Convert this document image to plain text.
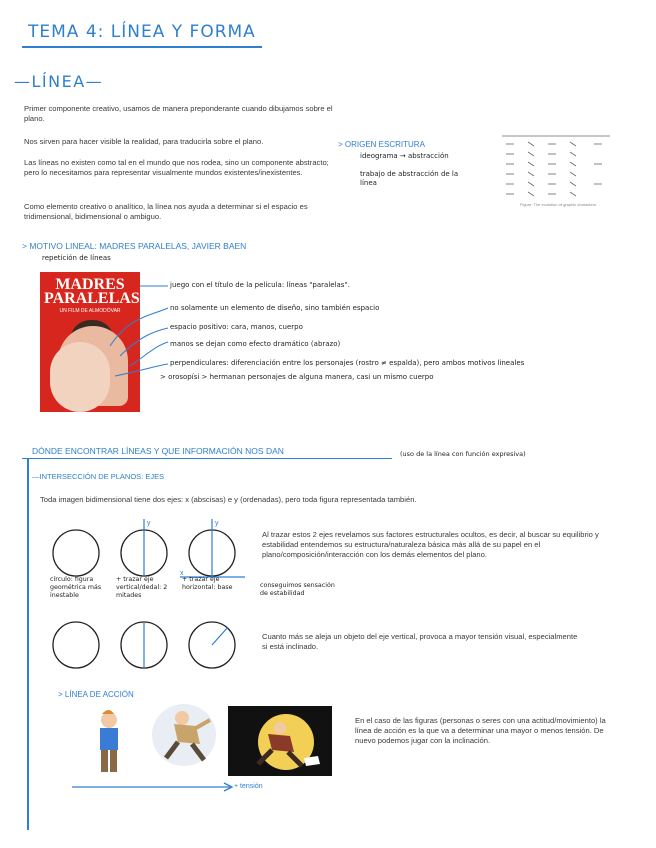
TEMA 4: LÍNEA Y FORMA
—LÍNEA—
Primer componente creativo, usamos de manera preponderante cuando dibujamos sobre el plano.
Nos sirven para hacer visible la realidad, para traducirla sobre el plano.
Las líneas no existen como tal en el mundo que nos rodea, sino un componente abstracto; pero lo necesitamos para representar visualmente mundos existentes/inexistentes.
Como elemento creativo o analítico, la línea nos ayuda a determinar si el espacio es tridimensional, bidimensional o ambiguo.
> ORIGEN ESCRITURA
ideograma → abstracción
trabajo de abstracción de la línea
Figure: The evolution of graphic characters
> MOTIVO LINEAL: MADRES PARALELAS, JAVIER BAEN
repetición de líneas
MADRES PARALELAS
UN FILM DE ALMODÓVAR
juego con el título de la película: líneas "paralelas".
no solamente un elemento de diseño, sino también espacio
espacio positivo: cara, manos, cuerpo
manos se dejan como efecto dramático (abrazo)
perpendiculares: diferenciación entre los personajes (rostro ≠ espalda), pero ambos motivos lineales
> orosopísi > hermanan personajes de alguna manera, casi un mismo cuerpo
DÓNDE ENCONTRAR LÍNEAS Y QUE INFORMACIÓN NOS DAN	(uso de la línea con función expresiva)
—INTERSECCIÓN DE PLANOS: EJES
Toda imagen bidimensional tiene dos ejes: x (abscisas) e y (ordenadas), pero toda figura representada también.
y	y
x
círculo: figura geométrica más inestable
+ trazar eje vertical/dedal: 2 mitades
+ trazar eje horizontal: base	conseguimos sensación de estabilidad
Al trazar estos 2 ejes revelamos sus factores estructurales ocultos, es decir, al buscar su equilibrio y estabilidad entendemos su estructura/naturaleza básica más allá de su papel en el plano/composición/interacción con los demás elementos del plano.
Cuanto más se aleja un objeto del eje vertical, provoca a mayor tensión visual, especialmente si está inclinado.
> LÍNEA DE ACCIÓN
En el caso de las figuras (personas o seres con una actitud/movimiento) la línea de acción es la que va a determinar una mayor o menos tensión. De nuevo podemos jugar con la inclinación.
+ tensión
